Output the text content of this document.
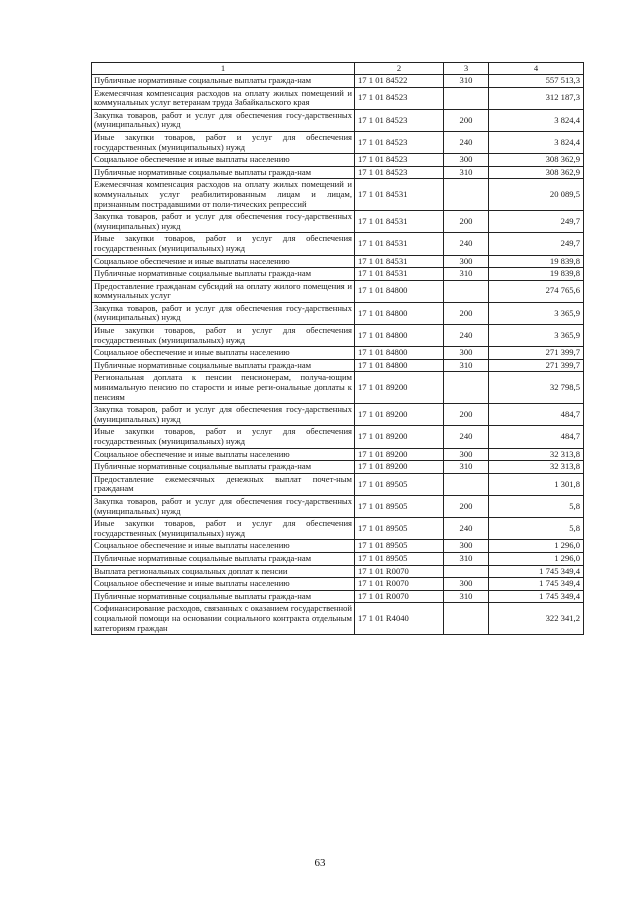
1	2	3	4
Публичные нормативные социальные выплаты гражда-нам	17 1 01 84522	310	557 513,3
Ежемесячная компенсация расходов на оплату жилых помещений и коммунальных услуг ветеранам труда Забайкальского края	17 1 01 84523		312 187,3
Закупка товаров, работ и услуг для обеспечения госу-дарственных (муниципальных) нужд	17 1 01 84523	200	3 824,4
Иные закупки товаров, работ и услуг для обеспечения государственных (муниципальных) нужд	17 1 01 84523	240	3 824,4
Социальное обеспечение и иные выплаты населению	17 1 01 84523	300	308 362,9
Публичные нормативные социальные выплаты гражда-нам	17 1 01 84523	310	308 362,9
Ежемесячная компенсация расходов на оплату жилых помещений и коммунальных услуг реабилитированным лицам и лицам, признанным пострадавшими от поли-тических репрессий	17 1 01 84531		20 089,5
Закупка товаров, работ и услуг для обеспечения госу-дарственных (муниципальных) нужд	17 1 01 84531	200	249,7
Иные закупки товаров, работ и услуг для обеспечения государственных (муниципальных) нужд	17 1 01 84531	240	249,7
Социальное обеспечение и иные выплаты населению	17 1 01 84531	300	19 839,8
Публичные нормативные социальные выплаты гражда-нам	17 1 01 84531	310	19 839,8
Предоставление гражданам субсидий на оплату жилого помещения и коммунальных услуг	17 1 01 84800		274 765,6
Закупка товаров, работ и услуг для обеспечения госу-дарственных (муниципальных) нужд	17 1 01 84800	200	3 365,9
Иные закупки товаров, работ и услуг для обеспечения государственных (муниципальных) нужд	17 1 01 84800	240	3 365,9
Социальное обеспечение и иные выплаты населению	17 1 01 84800	300	271 399,7
Публичные нормативные социальные выплаты гражда-нам	17 1 01 84800	310	271 399,7
Региональная доплата к пенсии пенсионерам, получа-ющим минимальную пенсию по старости и иные реги-ональные доплаты к пенсиям	17 1 01 89200		32 798,5
Закупка товаров, работ и услуг для обеспечения госу-дарственных (муниципальных) нужд	17 1 01 89200	200	484,7
Иные закупки товаров, работ и услуг для обеспечения государственных (муниципальных) нужд	17 1 01 89200	240	484,7
Социальное обеспечение и иные выплаты населению	17 1 01 89200	300	32 313,8
Публичные нормативные социальные выплаты гражда-нам	17 1 01 89200	310	32 313,8
Предоставление ежемесячных денежных выплат почет-ным гражданам	17 1 01 89505		1 301,8
Закупка товаров, работ и услуг для обеспечения госу-дарственных (муниципальных) нужд	17 1 01 89505	200	5,8
Иные закупки товаров, работ и услуг для обеспечения государственных (муниципальных) нужд	17 1 01 89505	240	5,8
Социальное обеспечение и иные выплаты населению	17 1 01 89505	300	1 296,0
Публичные нормативные социальные выплаты гражда-нам	17 1 01 89505	310	1 296,0
Выплата региональных социальных доплат к пенсии	17 1 01 R0070		1 745 349,4
Социальное обеспечение и иные выплаты населению	17 1 01 R0070	300	1 745 349,4
Публичные нормативные социальные выплаты гражда-нам	17 1 01 R0070	310	1 745 349,4
Софинансирование расходов, связанных с оказанием государственной социальной помощи на основании социального контракта отдельным категориям граждан	17 1 01 R4040		322 341,2
63
